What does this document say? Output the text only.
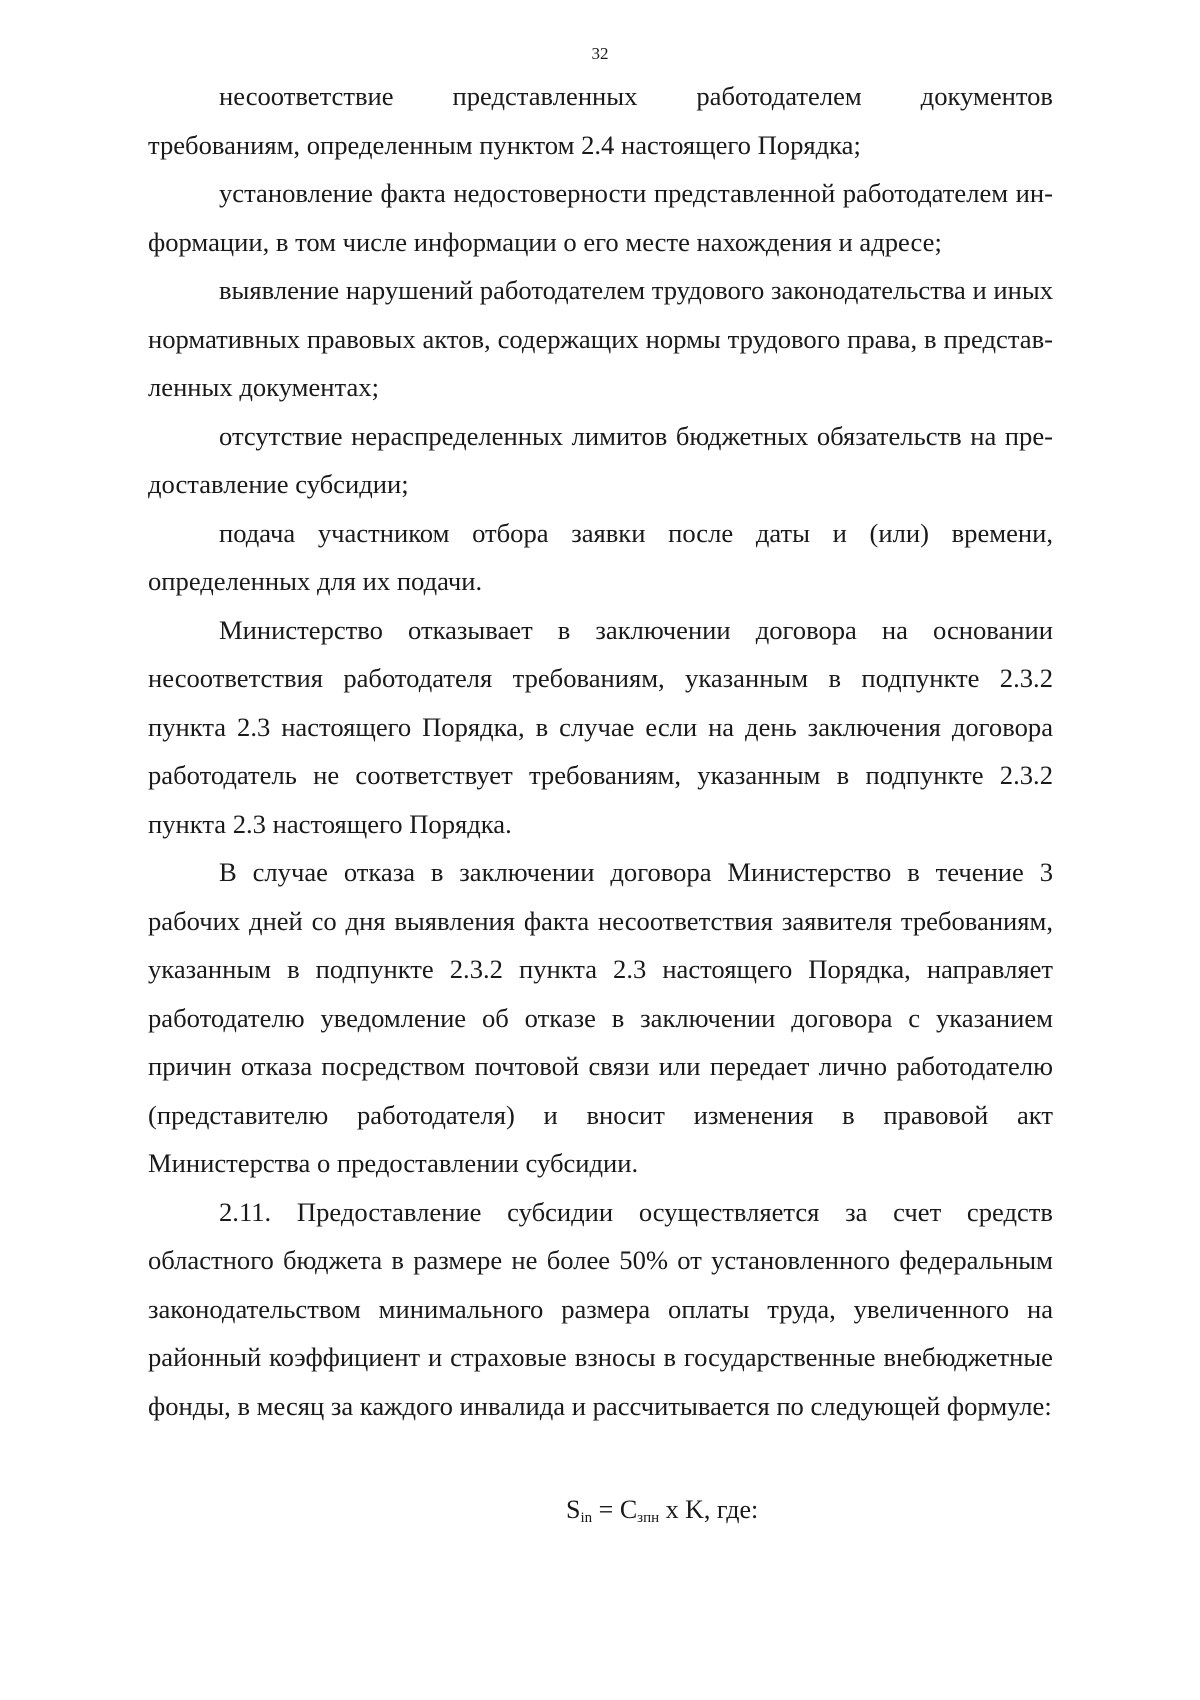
32

несоответствие представленных работодателем документов требованиям, определенным пунктом 2.4 настоящего Порядка;

установление факта недостоверности представленной работодателем информации, в том числе информации о его месте нахождения и адресе;

выявление нарушений работодателем трудового законодательства и иных нормативных правовых актов, содержащих нормы трудового права, в представленных документах;

отсутствие нераспределенных лимитов бюджетных обязательств на предоставление субсидии;

подача участником отбора заявки после даты и (или) времени, определенных для их подачи.

Министерство отказывает в заключении договора на основании несоответствия работодателя требованиям, указанным в подпункте 2.3.2 пункта 2.3 настоящего Порядка, в случае если на день заключения договора работодатель не соответствует требованиям, указанным в подпункте 2.3.2 пункта 2.3 настоящего Порядка.

В случае отказа в заключении договора Министерство в течение 3 рабочих дней со дня выявления факта несоответствия заявителя требованиям, указанным в подпункте 2.3.2 пункта 2.3 настоящего Порядка, направляет работодателю уведомление об отказе в заключении договора с указанием причин отказа посредством почтовой связи или передает лично работодателю (представителю работодателя) и вносит изменения в правовой акт Министерства о предоставлении субсидии.

2.11. Предоставление субсидии осуществляется за счет средств областного бюджета в размере не более 50% от установленного федеральным законодательством минимального размера оплаты труда, увеличенного на районный коэффициент и страховые взносы в государственные внебюджетные фонды, в месяц за каждого инвалида и рассчитывается по следующей формуле:

$S_{in} = C_{зпн}$ x K, где:
